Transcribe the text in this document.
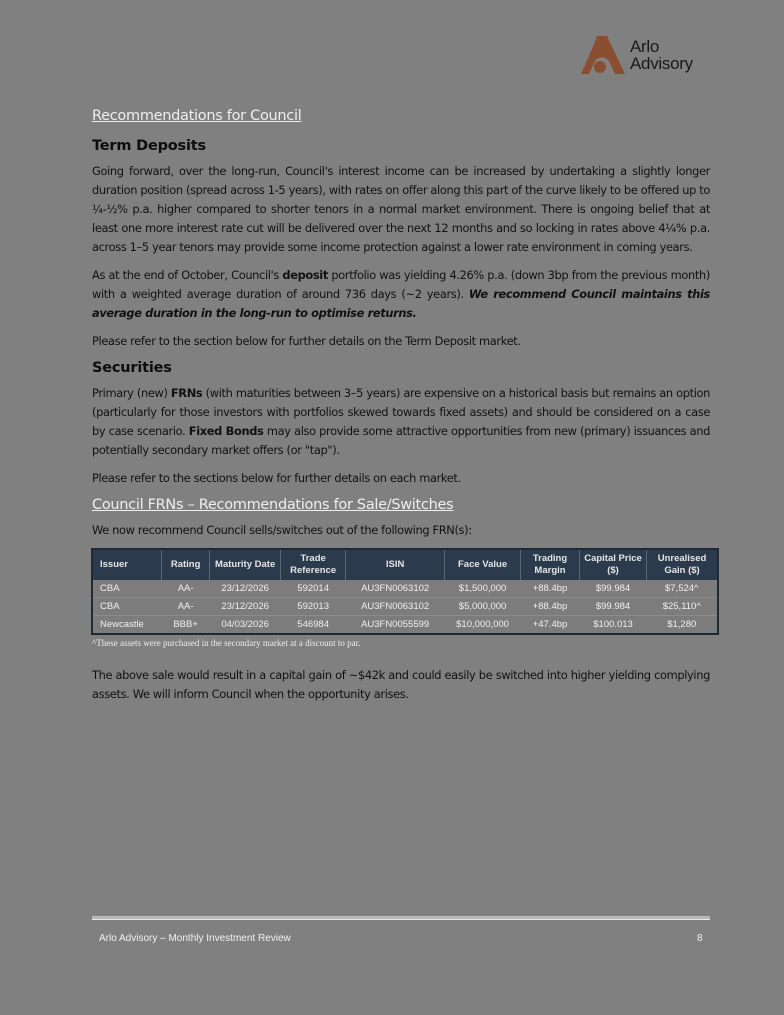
Arlo
Advisory
Recommendations for Council
Term Deposits

Going forward, over the long-run, Council's interest income can be increased by undertaking a slightly longer duration position (spread across 1-5 years), with rates on offer along this part of the curve likely to be offered up to ¼-½% p.a. higher compared to shorter tenors in a normal market environment. There is ongoing belief that at least one more interest rate cut will be delivered over the next 12 months and so locking in rates above 4¼% p.a. across 1–5 year tenors may provide some income protection against a lower rate environment in coming years.

As at the end of October, Council's deposit portfolio was yielding 4.26% p.a. (down 3bp from the previous month) with a weighted average duration of around 736 days (~2 years). We recommend Council maintains this average duration in the long-run to optimise returns.

Please refer to the section below for further details on the Term Deposit market.

Securities

Primary (new) FRNs (with maturities between 3–5 years) are expensive on a historical basis but remains an option (particularly for those investors with portfolios skewed towards fixed assets) and should be considered on a case by case scenario. Fixed Bonds may also provide some attractive opportunities from new (primary) issuances and potentially secondary market offers (or "tap").

Please refer to the sections below for further details on each market.

Council FRNs – Recommendations for Sale/Switches

We now recommend Council sells/switches out of the following FRN(s):

Issuer	Rating	Maturity Date	Trade Reference	ISIN	Face Value	Trading Margin	Capital Price ($)	Unrealised Gain ($)
CBA	AA-	23/12/2026	592014	AU3FN0063102	$1,500,000	+88.4bp	$99.984	$7,524^
CBA	AA-	23/12/2026	592013	AU3FN0063102	$5,000,000	+88.4bp	$99.984	$25,110^
Newcastle	BBB+	04/03/2026	546984	AU3FN0055599	$10,000,000	+47.4bp	$100.013	$1,280
^These assets were purchased in the secondary market at a discount to par.

The above sale would result in a capital gain of ~$42k and could easily be switched into higher yielding complying assets. We will inform Council when the opportunity arises.

Arlo Advisory – Monthly Investment Review	8
